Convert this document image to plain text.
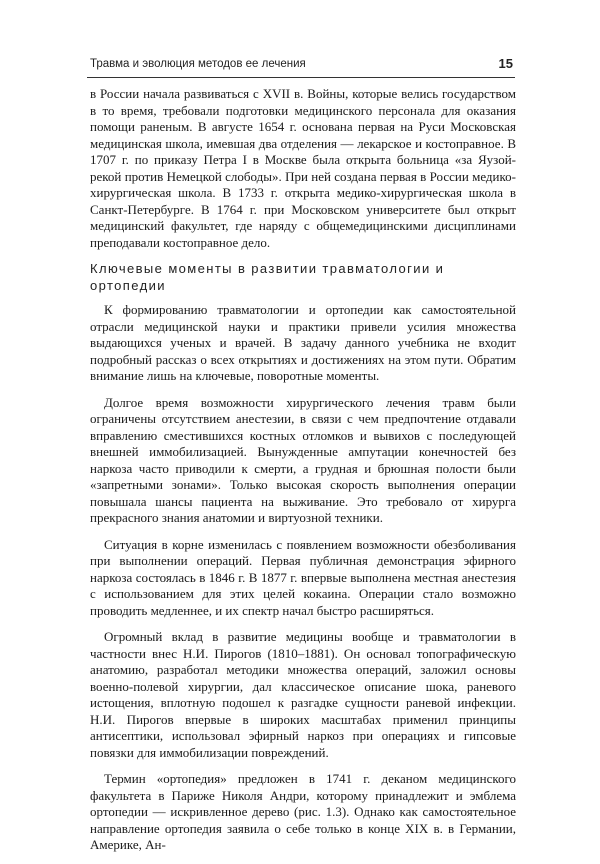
Травма и эволюция методов ее лечения	15

в России начала развиваться с XVII в. Войны, которые велись государством в то время, требовали подготовки медицинского персонала для оказания помощи раненым. В августе 1654 г. основана первая на Руси Московская медицинская школа, имевшая два отделения — лекарское и костоправное. В 1707 г. по приказу Петра I в Москве была открыта больница «за Яузой-рекой против Немецкой слободы». При ней создана первая в России медико-хирургическая школа. В 1733 г. открыта медико-хирургическая школа в Санкт-Петербурге. В 1764 г. при Московском университете был открыт медицинский факультет, где наряду с общемедицинскими дисциплинами преподавали костоправное дело.

Ключевые моменты в развитии травматологии и ортопедии

К формированию травматологии и ортопедии как самостоятельной отрасли медицинской науки и практики привели усилия множества выдающихся ученых и врачей. В задачу данного учебника не входит подробный рассказ о всех открытиях и достижениях на этом пути. Обратим внимание лишь на ключевые, поворотные моменты.

Долгое время возможности хирургического лечения травм были ограничены отсутствием анестезии, в связи с чем предпочтение отдавали вправлению сместившихся костных отломков и вывихов с последующей внешней иммобилизацией. Вынужденные ампутации конечностей без наркоза часто приводили к смерти, а грудная и брюшная полости были «запретными зонами». Только высокая скорость выполнения операции повышала шансы пациента на выживание. Это требовало от хирурга прекрасного знания анатомии и виртуозной техники.

Ситуация в корне изменилась с появлением возможности обезболивания при выполнении операций. Первая публичная демонстрация эфирного наркоза состоялась в 1846 г. В 1877 г. впервые выполнена местная анестезия с использованием для этих целей кокаина. Операции стало возможно проводить медленнее, и их спектр начал быстро расширяться.

Огромный вклад в развитие медицины вообще и травматологии в частности внес Н.И. Пирогов (1810–1881). Он основал топографическую анатомию, разработал методики множества операций, заложил основы военно-полевой хирургии, дал классическое описание шока, раневого истощения, вплотную подошел к разгадке сущности раневой инфекции. Н.И. Пирогов впервые в широких масштабах применил принципы антисептики, использовал эфирный наркоз при операциях и гипсовые повязки для иммобилизации повреждений.

Термин «ортопедия» предложен в 1741 г. деканом медицинского факультета в Париже Николя Андри, которому принадлежит и эмблема ортопедии — искривленное дерево (рис. 1.3). Однако как самостоятельное направление ортопедия заявила о себе только в конце XIX в. в Германии, Америке, Ан-
